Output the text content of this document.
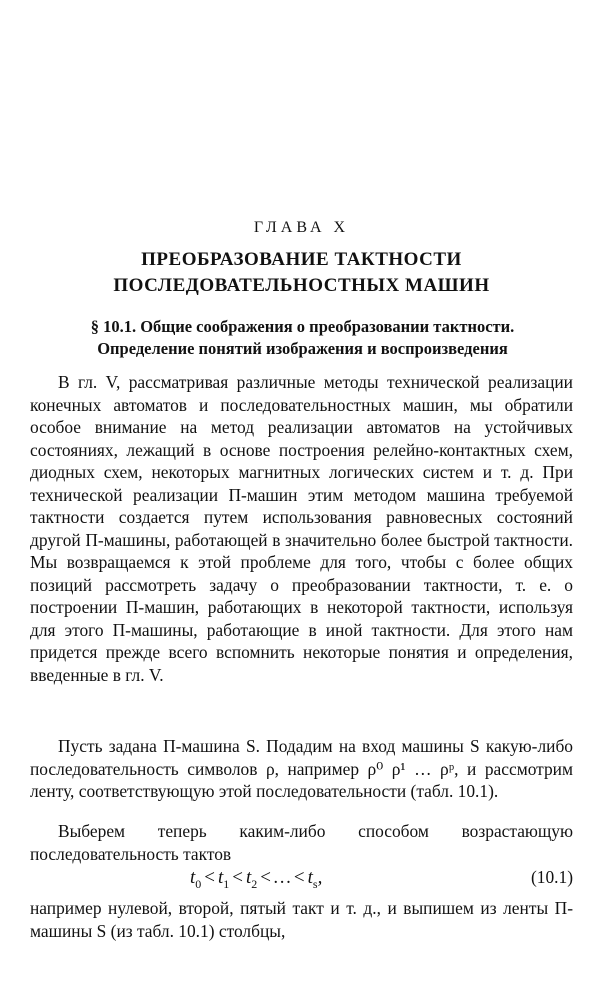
ГЛАВА X
ПРЕОБРАЗОВАНИЕ ТАКТНОСТИ
ПОСЛЕДОВАТЕЛЬНОСТНЫХ МАШИН
§ 10.1. Общие соображения о преобразовании тактности.
Определение понятий изображения и воспроизведения

В гл. V, рассматривая различные методы технической реализации конечных автоматов и последовательностных машин, мы обратили особое внимание на метод реализации автоматов на устойчивых состояниях, лежащий в основе построения релейно-контактных схем, диодных схем, некоторых магнитных логических систем и т. д. При технической реализации П-машин этим методом машина требуемой тактности создается путем использования равновесных состояний другой П-машины, работающей в значительно более быстрой тактности. Мы возвращаемся к этой проблеме для того, чтобы с более общих позиций рассмотреть задачу о преобразовании тактности, т. е. о построении П-машин, работающих в некоторой тактности, используя для этого П-машины, работающие в иной тактности. Для этого нам придется прежде всего вспомнить некоторые понятия и определения, введенные в гл. V.

Пусть задана П-машина S. Подадим на вход машины S какую-либо последовательность символов ρ, например ρ⁰ ρ¹ … ρᵖ, и рассмотрим ленту, соответствующую этой последовательности (табл. 10.1).

Выберем теперь каким-либо способом возрастающую последовательность тактов

$t_0 < t_1 < t_2$ < … < $t_s$,	(10.1)

например нулевой, второй, пятый такт и т. д., и выпишем из ленты П-машины S (из табл. 10.1) столбцы,
